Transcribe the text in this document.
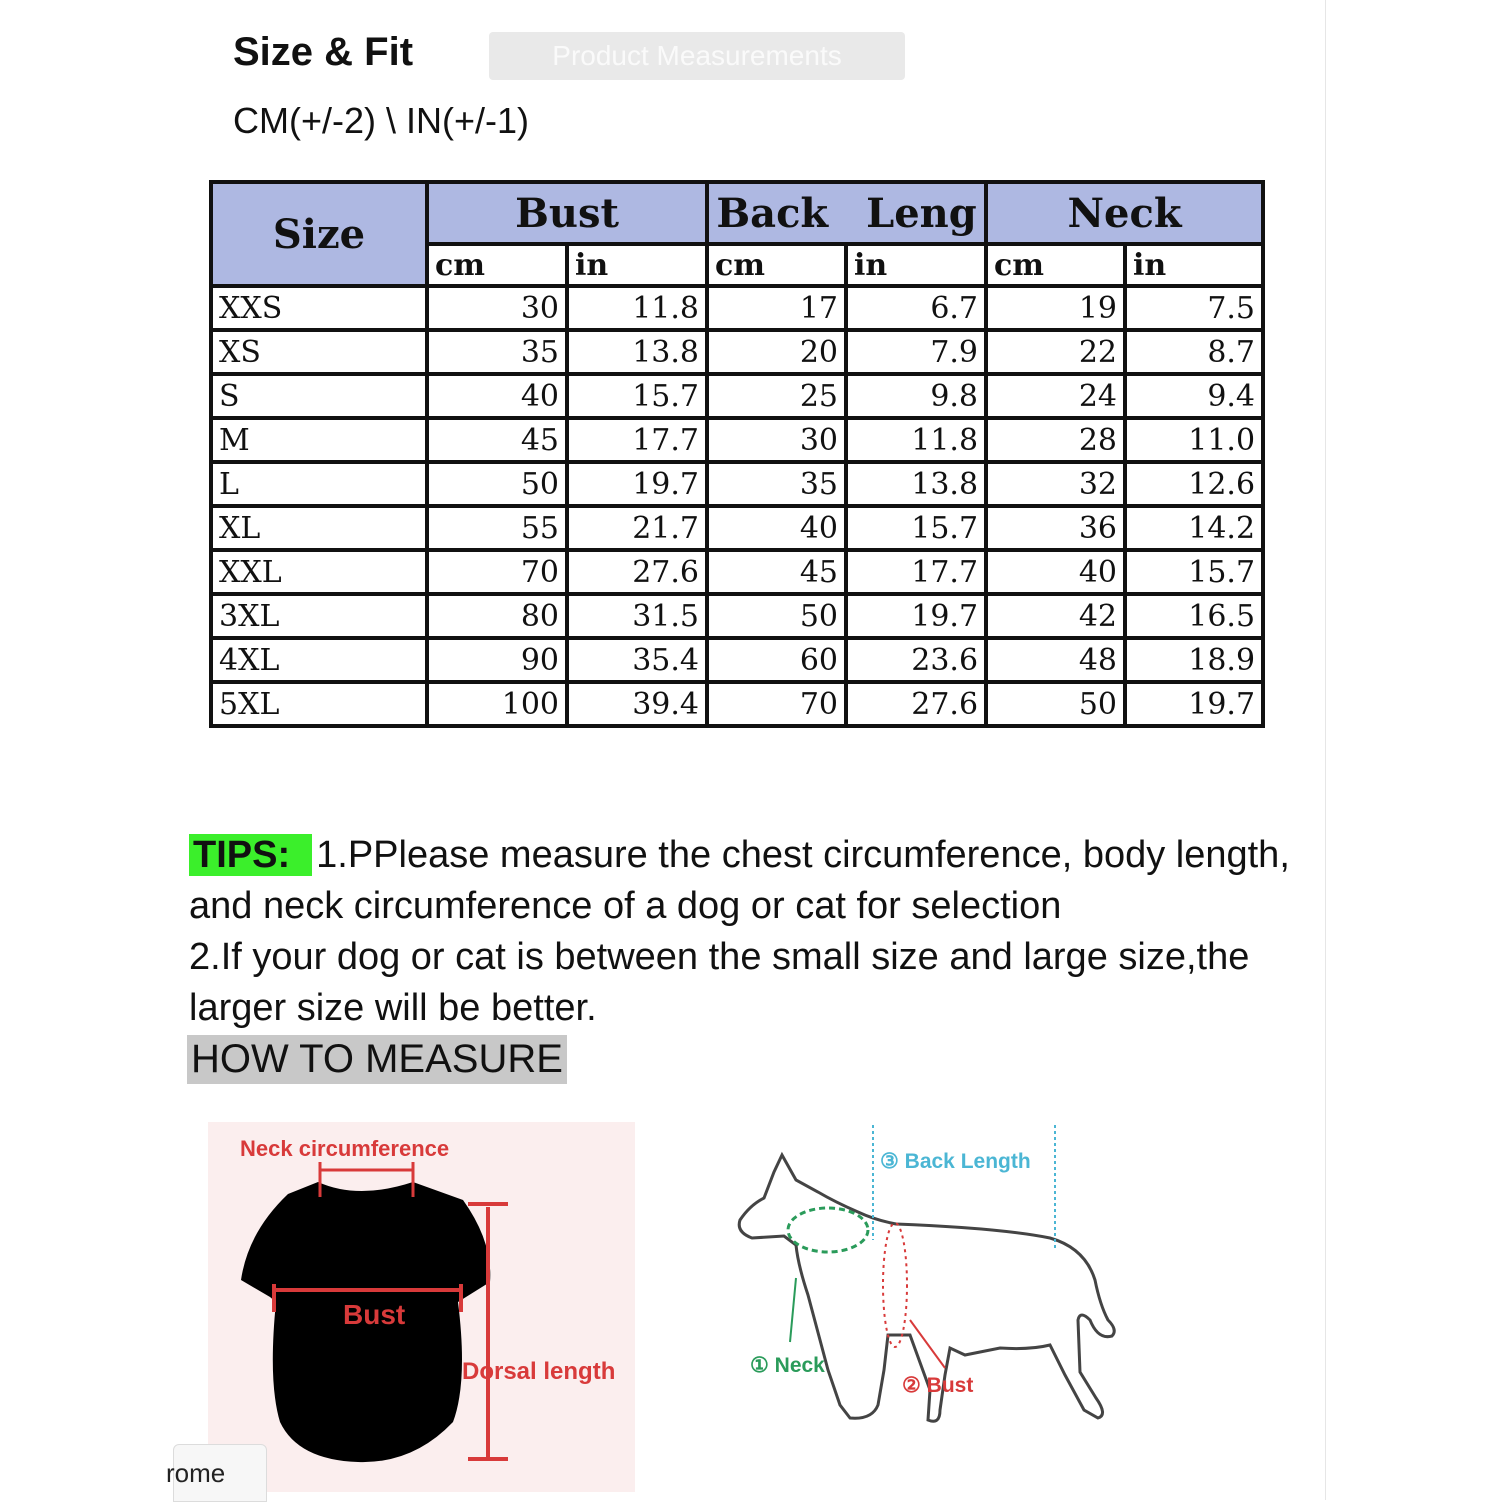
Size & Fit	Product Measurements
CM(+/-2) \ IN(+/-1)
Size	Bust		Back Leng		Neck	
	cm	in	cm	in	cm	in
XXS	30	11.8	17	6.7	19	7.5
XS	35	13.8	20	7.9	22	8.7
S	40	15.7	25	9.8	24	9.4
M	45	17.7	30	11.8	28	11.0
L	50	19.7	35	13.8	32	12.6
XL	55	21.7	40	15.7	36	14.2
XXL	70	27.6	45	17.7	40	15.7
3XL	80	31.5	50	19.7	42	16.5
4XL	90	35.4	60	23.6	48	18.9
5XL	100	39.4	70	27.6	50	19.7
TIPS: 1.PPlease measure the chest circumference, body length, and neck circumference of a dog or cat for selection
2.If your dog or cat is between the small size and large size,the larger size will be better.
HOW TO MEASURE
Neck circumference
Bust
Dorsal length
③ Back Length
① Neck
② Bust
rome
